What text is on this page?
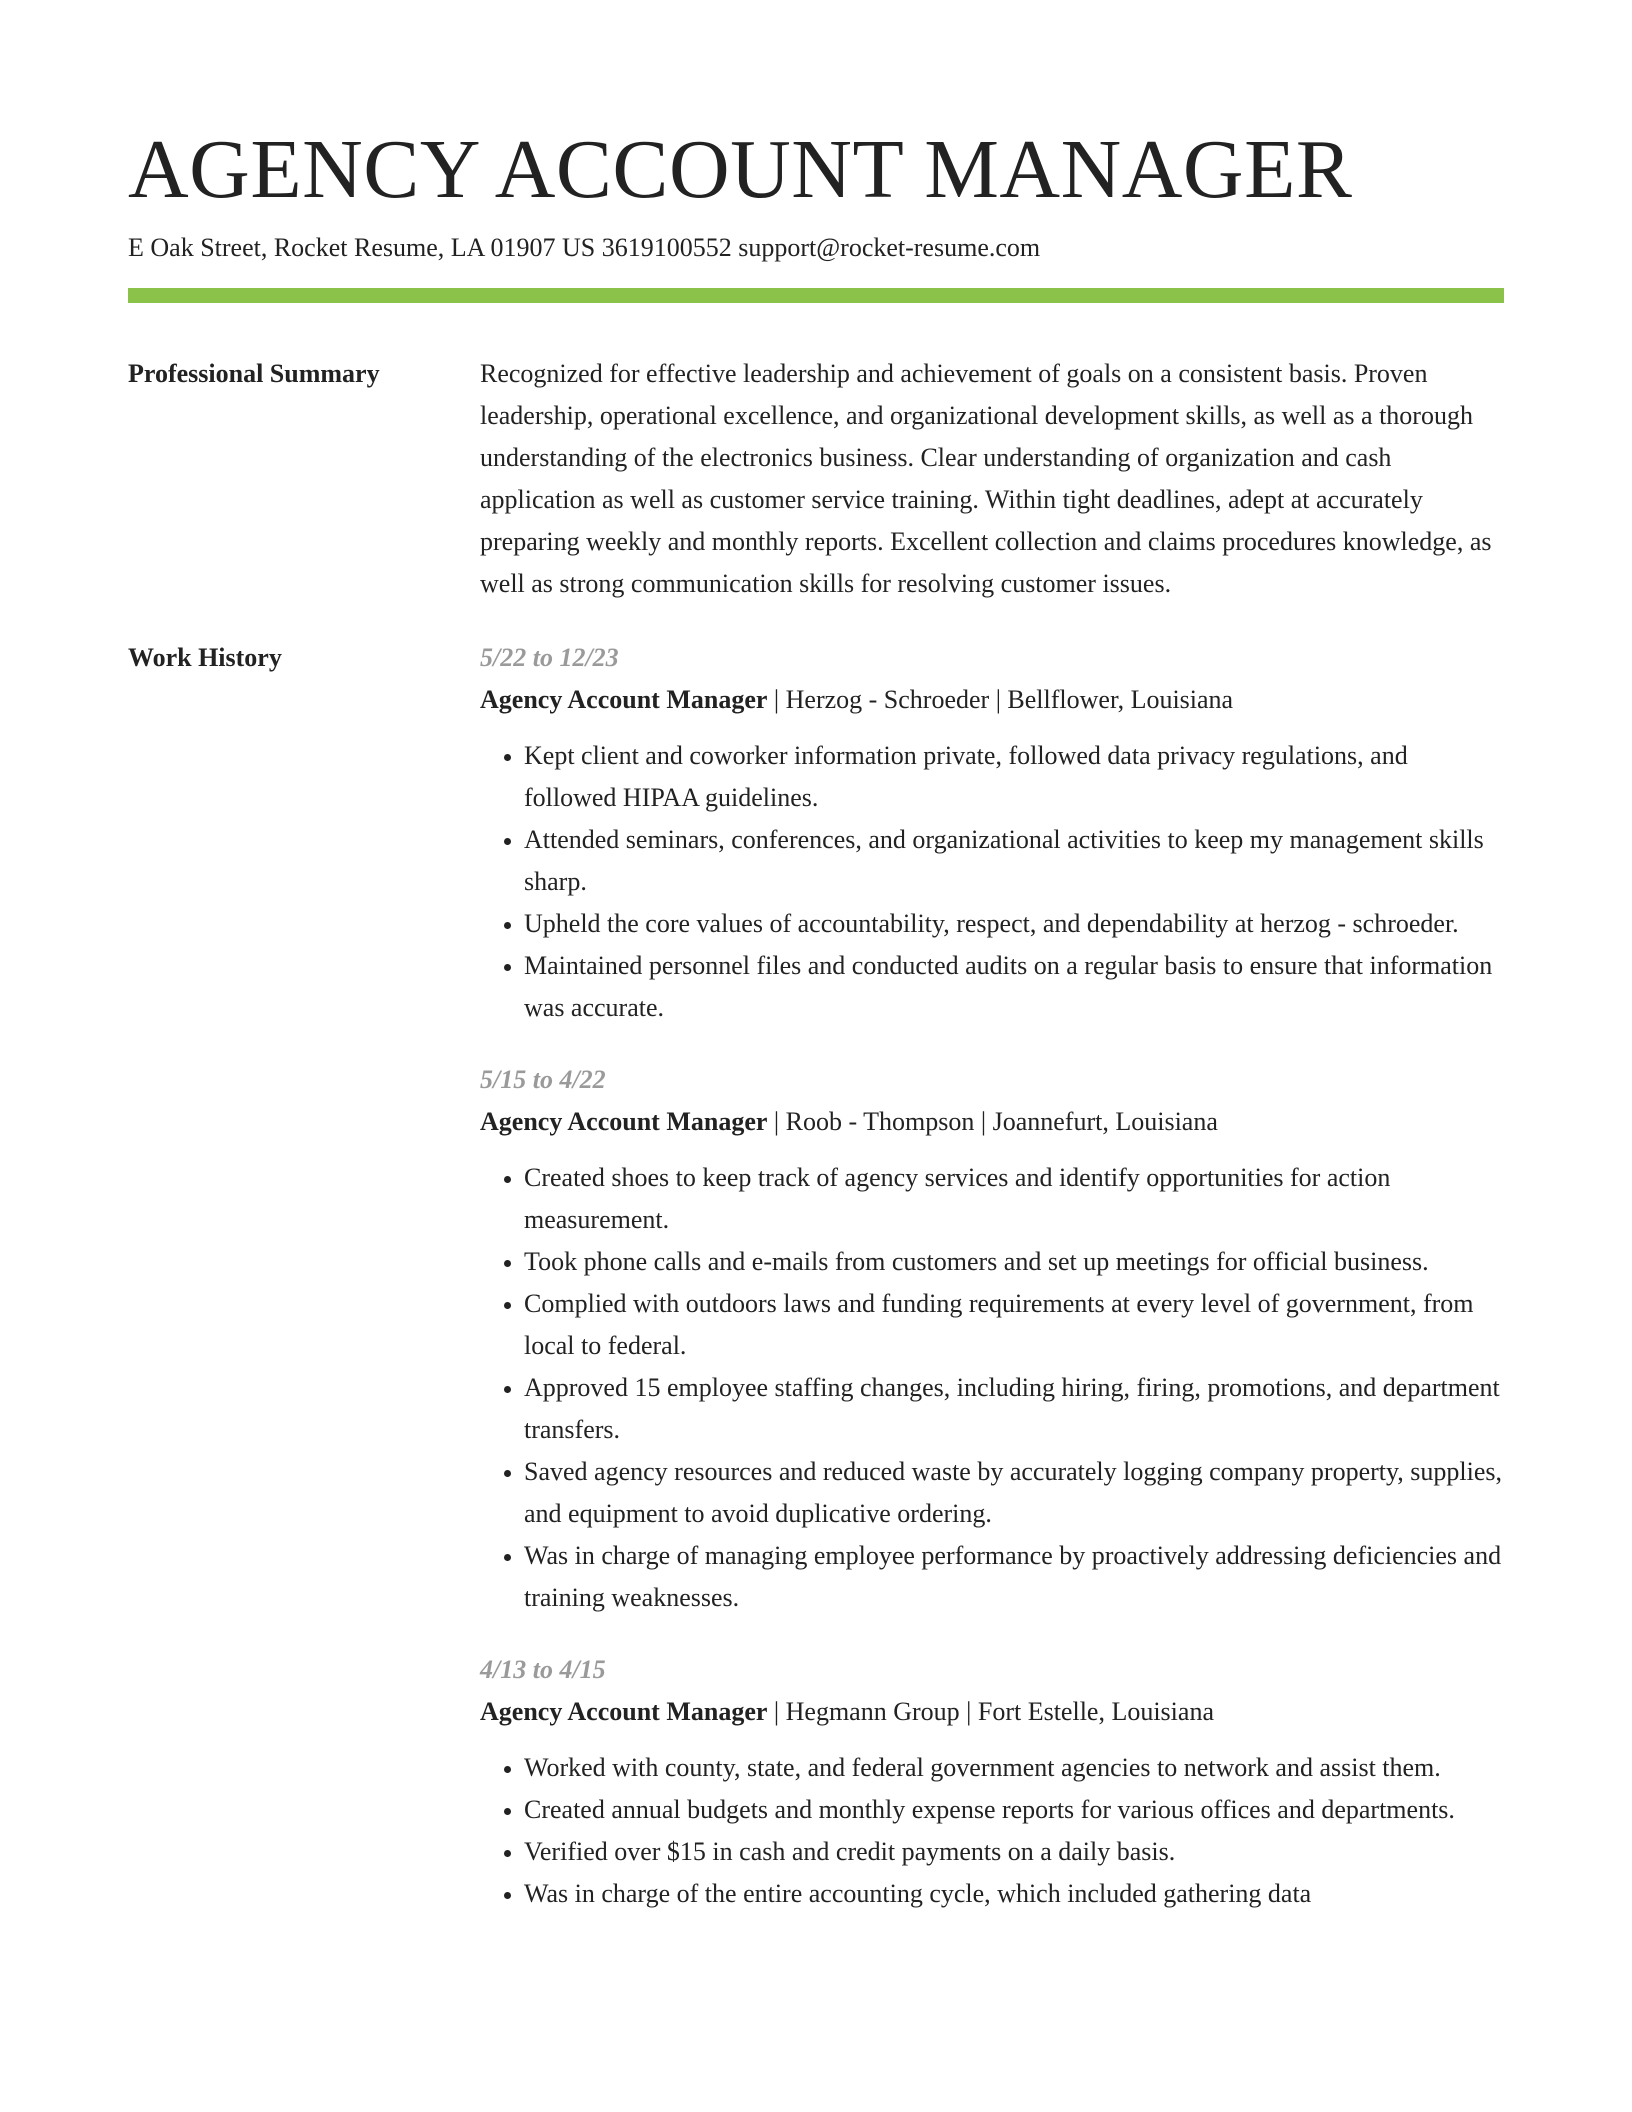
AGENCY ACCOUNT MANAGER
E Oak Street, Rocket Resume, LA 01907 US 3619100552 support@rocket-resume.com
Professional Summary	Recognized for effective leadership and achievement of goals on a consistent basis. Proven leadership, operational excellence, and organizational development skills, as well as a thorough understanding of the electronics business. Clear understanding of organization and cash application as well as customer service training. Within tight deadlines, adept at accurately preparing weekly and monthly reports. Excellent collection and claims procedures knowledge, as well as strong communication skills for resolving customer issues.

Work History	5/22 to 12/23
Agency Account Manager | Herzog - Schroeder | Bellflower, Louisiana
• Kept client and coworker information private, followed data privacy regulations, and followed HIPAA guidelines.
• Attended seminars, conferences, and organizational activities to keep my management skills sharp.
• Upheld the core values of accountability, respect, and dependability at herzog - schroeder.
• Maintained personnel files and conducted audits on a regular basis to ensure that information was accurate.
5/15 to 4/22
Agency Account Manager | Roob - Thompson | Joannefurt, Louisiana
• Created shoes to keep track of agency services and identify opportunities for action measurement.
• Took phone calls and e-mails from customers and set up meetings for official business.
• Complied with outdoors laws and funding requirements at every level of government, from local to federal.
• Approved 15 employee staffing changes, including hiring, firing, promotions, and department transfers.
• Saved agency resources and reduced waste by accurately logging company property, supplies, and equipment to avoid duplicative ordering.
• Was in charge of managing employee performance by proactively addressing deficiencies and training weaknesses.
4/13 to 4/15
Agency Account Manager | Hegmann Group | Fort Estelle, Louisiana
• Worked with county, state, and federal government agencies to network and assist them.
• Created annual budgets and monthly expense reports for various offices and departments.
• Verified over $15 in cash and credit payments on a daily basis.
• Was in charge of the entire accounting cycle, which included gathering data
